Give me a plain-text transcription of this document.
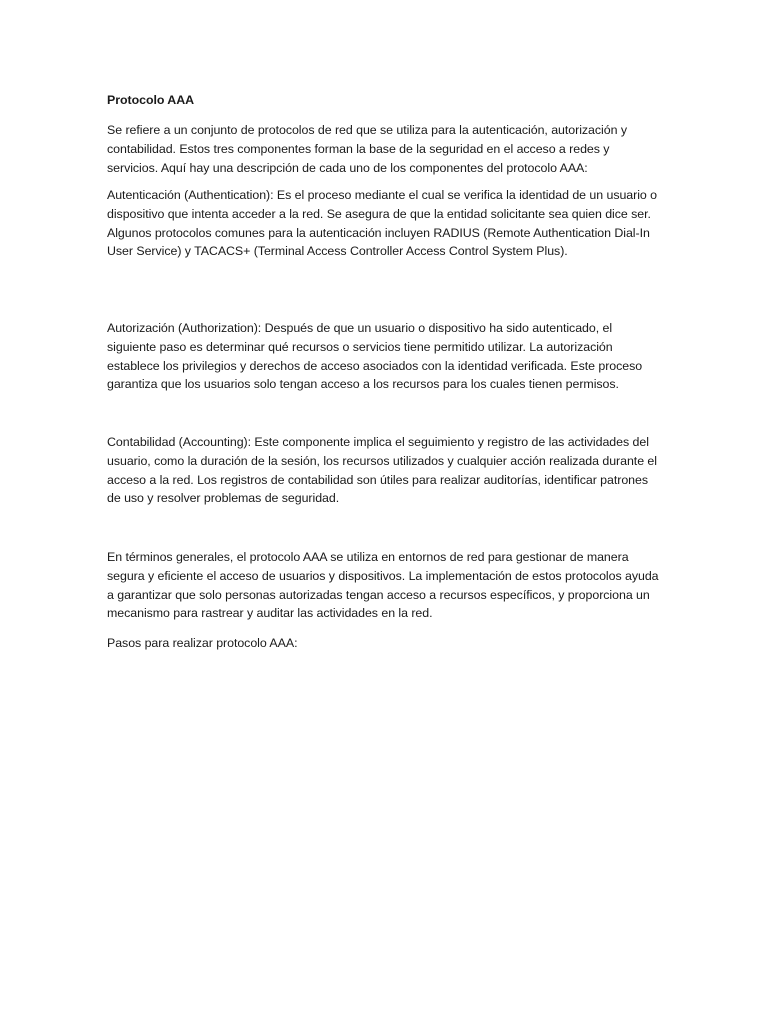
Protocolo AAA

Se refiere a un conjunto de protocolos de red que se utiliza para la autenticación, autorización y contabilidad. Estos tres componentes forman la base de la seguridad en el acceso a redes y servicios. Aquí hay una descripción de cada uno de los componentes del protocolo AAA:

Autenticación (Authentication): Es el proceso mediante el cual se verifica la identidad de un usuario o dispositivo que intenta acceder a la red. Se asegura de que la entidad solicitante sea quien dice ser. Algunos protocolos comunes para la autenticación incluyen RADIUS (Remote Authentication Dial-In User Service) y TACACS+ (Terminal Access Controller Access Control System Plus).

Autorización (Authorization): Después de que un usuario o dispositivo ha sido autenticado, el siguiente paso es determinar qué recursos o servicios tiene permitido utilizar. La autorización establece los privilegios y derechos de acceso asociados con la identidad verificada. Este proceso garantiza que los usuarios solo tengan acceso a los recursos para los cuales tienen permisos.

Contabilidad (Accounting): Este componente implica el seguimiento y registro de las actividades del usuario, como la duración de la sesión, los recursos utilizados y cualquier acción realizada durante el acceso a la red. Los registros de contabilidad son útiles para realizar auditorías, identificar patrones de uso y resolver problemas de seguridad.

En términos generales, el protocolo AAA se utiliza en entornos de red para gestionar de manera segura y eficiente el acceso de usuarios y dispositivos. La implementación de estos protocolos ayuda a garantizar que solo personas autorizadas tengan acceso a recursos específicos, y proporciona un mecanismo para rastrear y auditar las actividades en la red.

Pasos para realizar protocolo AAA:
